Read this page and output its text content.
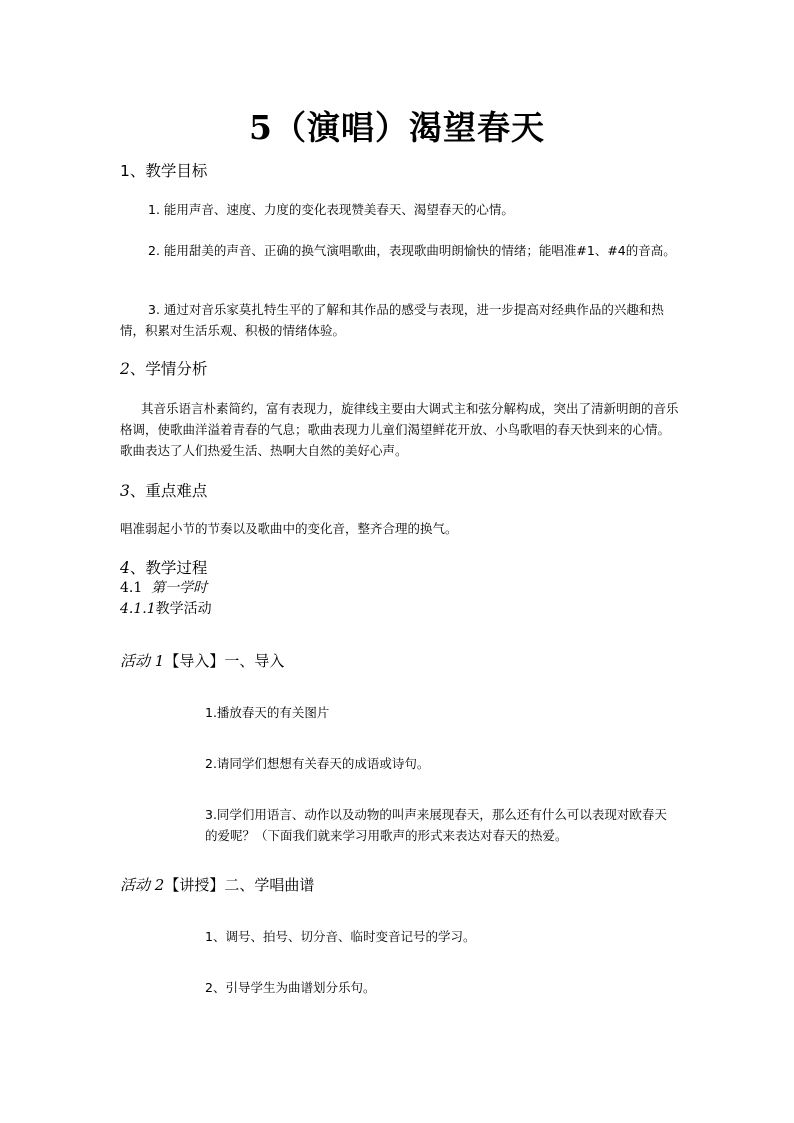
5（演唱）渴望春天
1、教学目标

1. 能用声音、速度、力度的变化表现赞美春天、渴望春天的心情。

2. 能用甜美的声音、正确的换气演唱歌曲，表现歌曲明朗愉快的情绪；能唱准#1、#4的音高。

3. 通过对音乐家莫扎特生平的了解和其作品的感受与表现，进一步提高对经典作品的兴趣和热情，积累对生活乐观、积极的情绪体验。

2、学情分析

其音乐语言朴素简约，富有表现力，旋律线主要由大调式主和弦分解构成，突出了清新明朗的音乐格调，使歌曲洋溢着青春的气息；歌曲表现力儿童们渴望鲜花开放、小鸟歌唱的春天快到来的心情。歌曲表达了人们热爱生活、热啊大自然的美好心声。

3、重点难点

唱准弱起小节的节奏以及歌曲中的变化音，整齐合理的换气。

4、教学过程
4.1 第一学时
4.1.1教学活动
活动 1【导入】一、导入

1.播放春天的有关图片

2.请同学们想想有关春天的成语或诗句。

3.同学们用语言、动作以及动物的叫声来展现春天，那么还有什么可以表现对欧春天的爱呢？（下面我们就来学习用歌声的形式来表达对春天的热爱。

活动 2【讲授】二、学唱曲谱

1、调号、拍号、切分音、临时变音记号的学习。

2、引导学生为曲谱划分乐句。
